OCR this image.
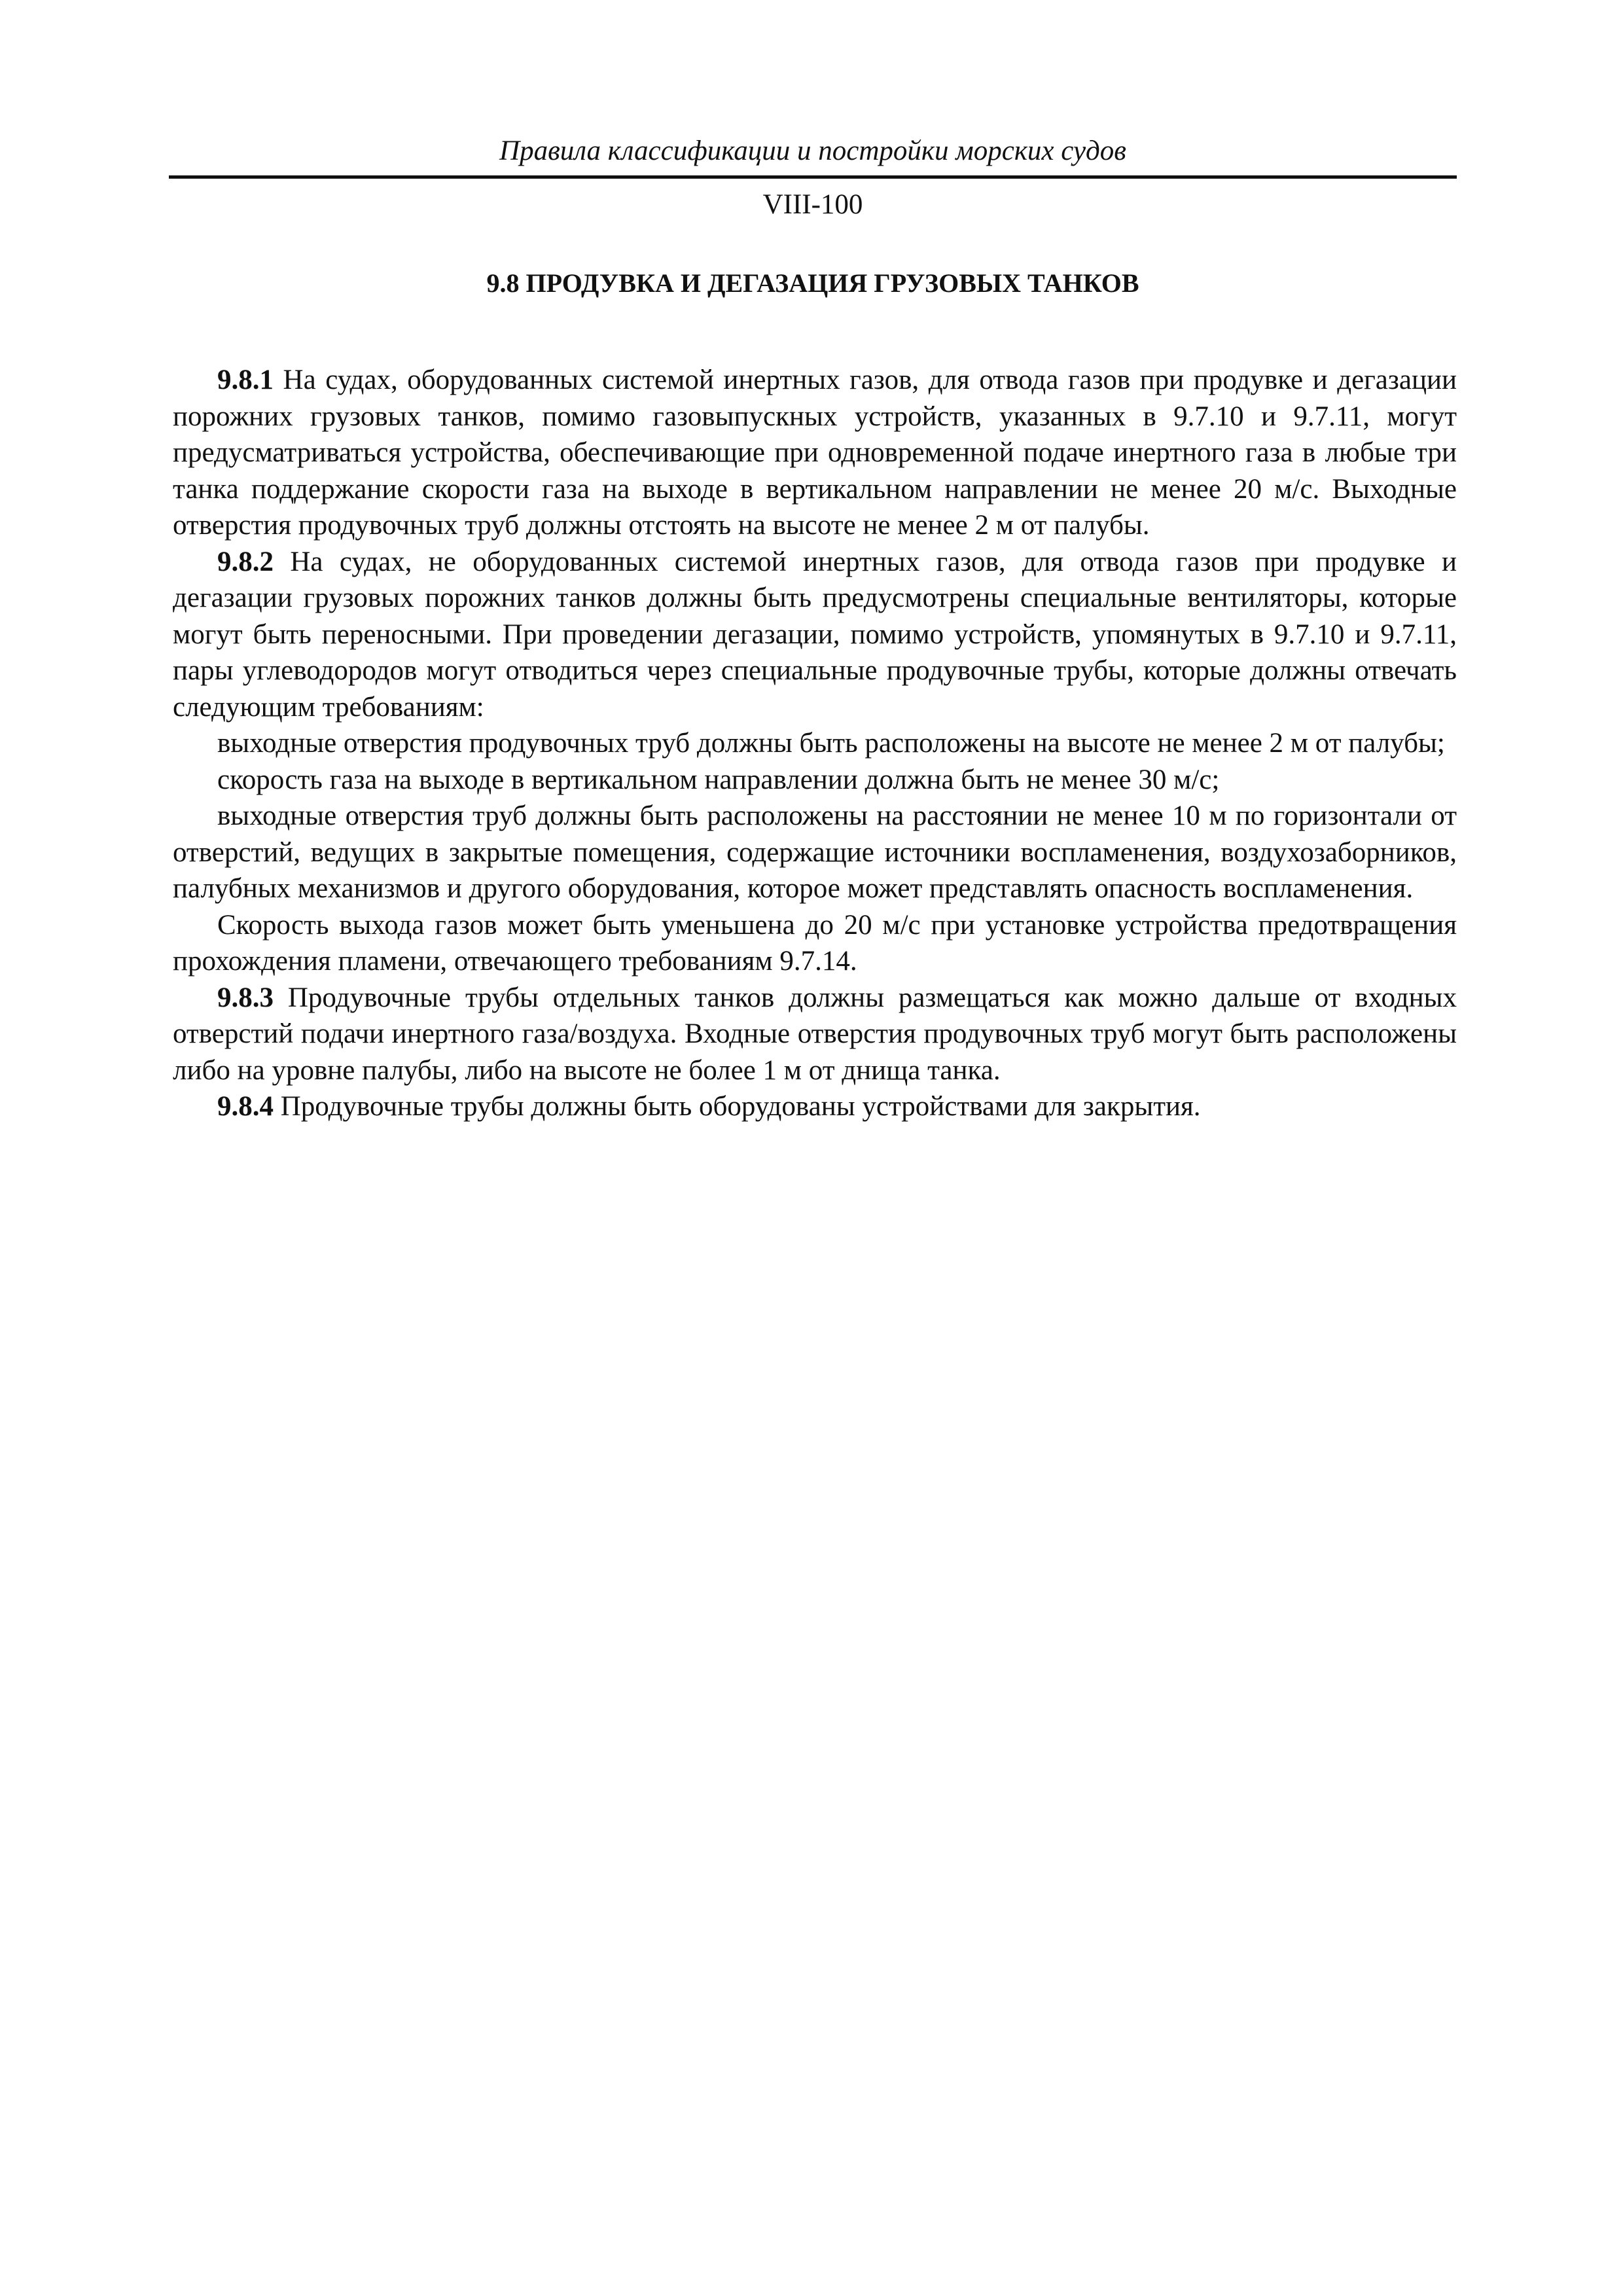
Правила классификации и постройки морских судов
VIII-100
9.8 ПРОДУВКА И ДЕГАЗАЦИЯ ГРУЗОВЫХ ТАНКОВ

9.8.1 На судах, оборудованных системой инертных газов, для отвода газов при продувке и дегазации порожних грузовых танков, помимо газовыпускных устройств, указанных в 9.7.10 и 9.7.11, могут предусматриваться устройства, обеспечивающие при одновременной подаче инертного газа в любые три танка поддержание скорости газа на выходе в вертикальном направлении не менее 20 м/с. Выходные отверстия продувочных труб должны отстоять на высоте не менее 2 м от палубы.

9.8.2 На судах, не оборудованных системой инертных газов, для отвода газов при продувке и дегазации грузовых порожних танков должны быть предусмотрены специальные вентиляторы, которые могут быть переносными. При проведении дегазации, помимо устройств, упомянутых в 9.7.10 и 9.7.11, пары углеводородов могут отводиться через специальные продувочные трубы, которые должны отвечать следующим требованиям:

выходные отверстия продувочных труб должны быть расположены на высоте не менее 2 м от палубы;

скорость газа на выходе в вертикальном направлении должна быть не менее 30 м/с;

выходные отверстия труб должны быть расположены на расстоянии не менее 10 м по горизонтали от отверстий, ведущих в закрытые помещения, содержащие источники воспламенения, воздухозаборников, палубных механизмов и другого оборудования, которое может представлять опасность воспламенения.

Скорость выхода газов может быть уменьшена до 20 м/с при установке устройства предотвращения прохождения пламени, отвечающего требованиям 9.7.14.

9.8.3 Продувочные трубы отдельных танков должны размещаться как можно дальше от входных отверстий подачи инертного газа/воздуха. Входные отверстия продувочных труб могут быть расположены либо на уровне палубы, либо на высоте не более 1 м от днища танка.

9.8.4 Продувочные трубы должны быть оборудованы устройствами для закрытия.
